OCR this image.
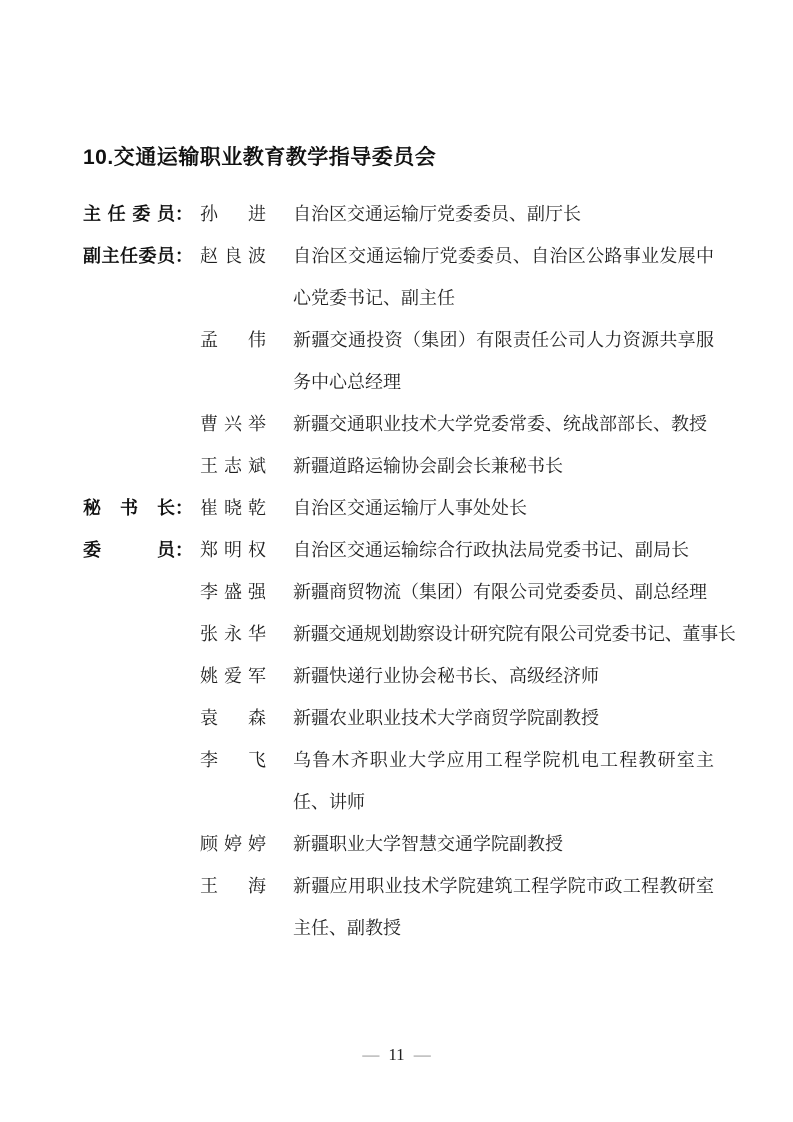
10.交通运输职业教育教学指导委员会
主任委员 ： 孙进 自治区交通运输厅党委委员、副厅长
副主任委员 ： 赵良波 自治区交通运输厅党委委员、自治区公路事业发展中心党委书记、副主任
孟伟 新疆交通投资（集团）有限责任公司人力资源共享服务中心总经理
曹兴举 新疆交通职业技术大学党委常委、统战部部长、教授
王志斌 新疆道路运输协会副会长兼秘书长
秘书长 ： 崔晓乾 自治区交通运输厅人事处处长
委员 ： 郑明权 自治区交通运输综合行政执法局党委书记、副局长
李盛强 新疆商贸物流（集团）有限公司党委委员、副总经理
张永华 新疆交通规划勘察设计研究院有限公司党委书记、董事长
姚爱军 新疆快递行业协会秘书长、高级经济师
袁森 新疆农业职业技术大学商贸学院副教授
李飞 乌鲁木齐职业大学应用工程学院机电工程教研室主任、讲师
顾婷婷 新疆职业大学智慧交通学院副教授
王海 新疆应用职业技术学院建筑工程学院市政工程教研室主任、副教授
— 11 —
